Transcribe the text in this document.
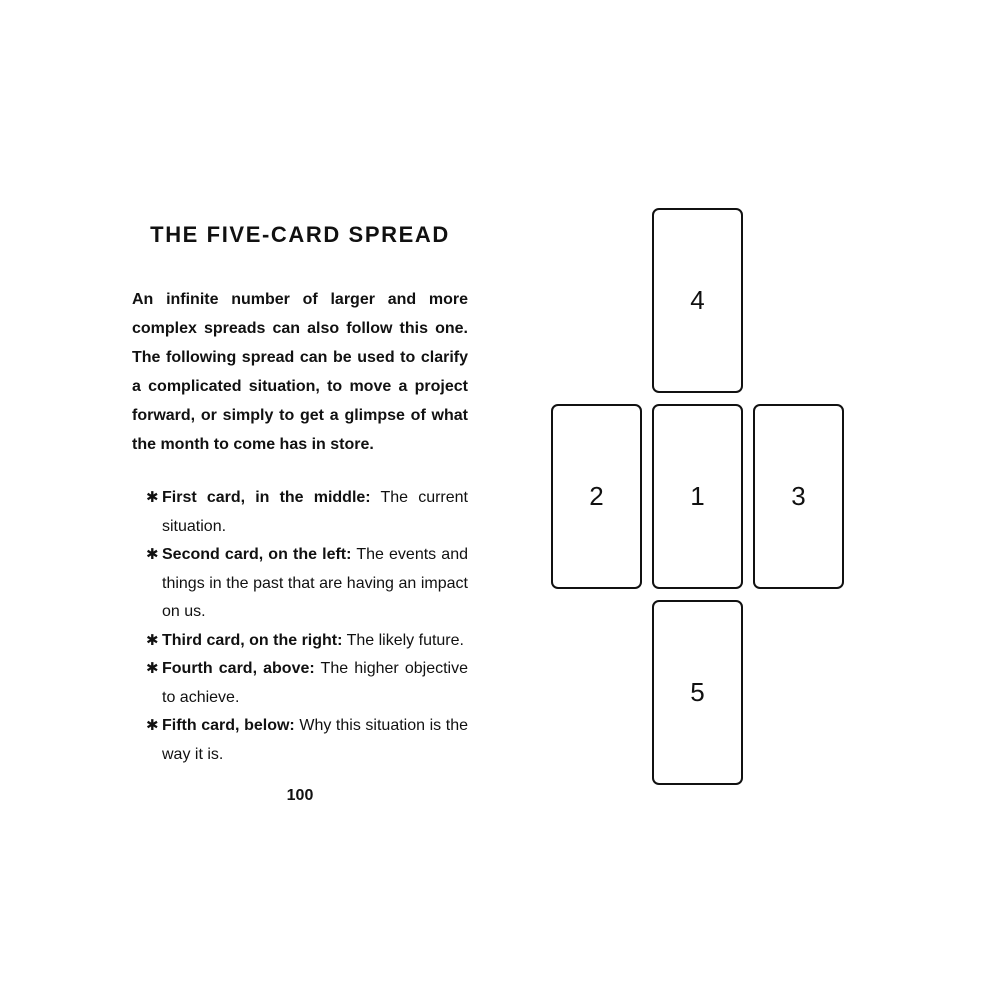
THE FIVE-CARD SPREAD

An infinite number of larger and more complex spreads can also follow this one. The following spread can be used to clarify a complicated situation, to move a project forward, or simply to get a glimpse of what the month to come has in store.

✱ First card, in the middle: The current situation.
✱ Second card, on the left: The events and things in the past that are having an impact on us.
✱ Third card, on the right: The likely future.
✱ Fourth card, above: The higher objective to achieve.
✱ Fifth card, below: Why this situation is the way it is.
100
4
2	1	3
5
